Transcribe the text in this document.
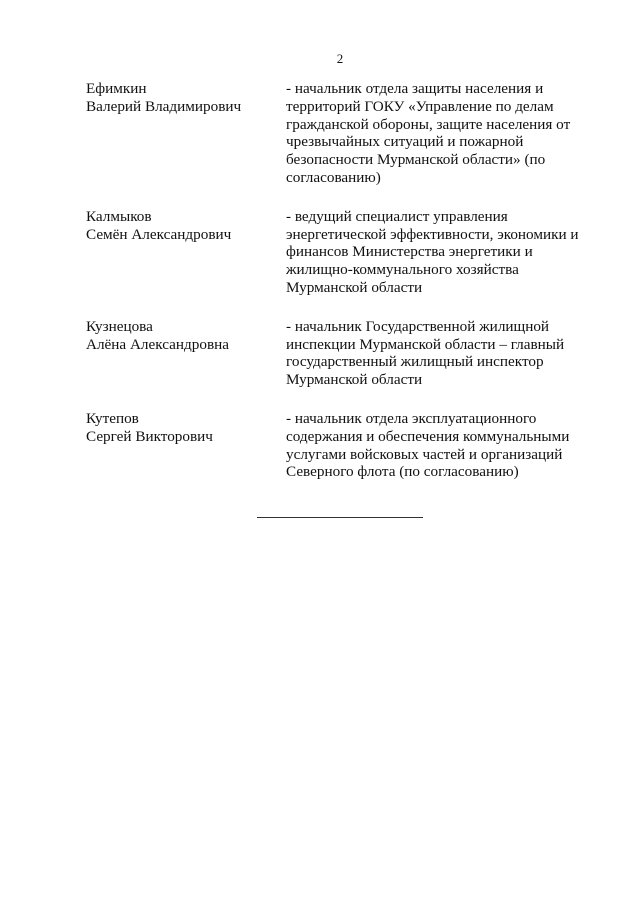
2
Ефимкин
Валерий Владимирович
- начальник отдела защиты населения и территорий ГОКУ «Управление по делам гражданской обороны, защите населения от чрезвычайных ситуаций и пожарной безопасности Мурманской области» (по согласованию)
Калмыков
Семён Александрович
- ведущий специалист управления энергетической эффективности, экономики и финансов Министерства энергетики и жилищно-коммунального хозяйства Мурманской области
Кузнецова
Алёна Александровна
- начальник Государственной жилищной инспекции Мурманской области – главный государственный жилищный инспектор Мурманской области
Кутепов
Сергей Викторович
- начальник отдела эксплуатационного содержания и обеспечения коммунальными услугами войсковых частей и организаций Северного флота (по согласованию)
